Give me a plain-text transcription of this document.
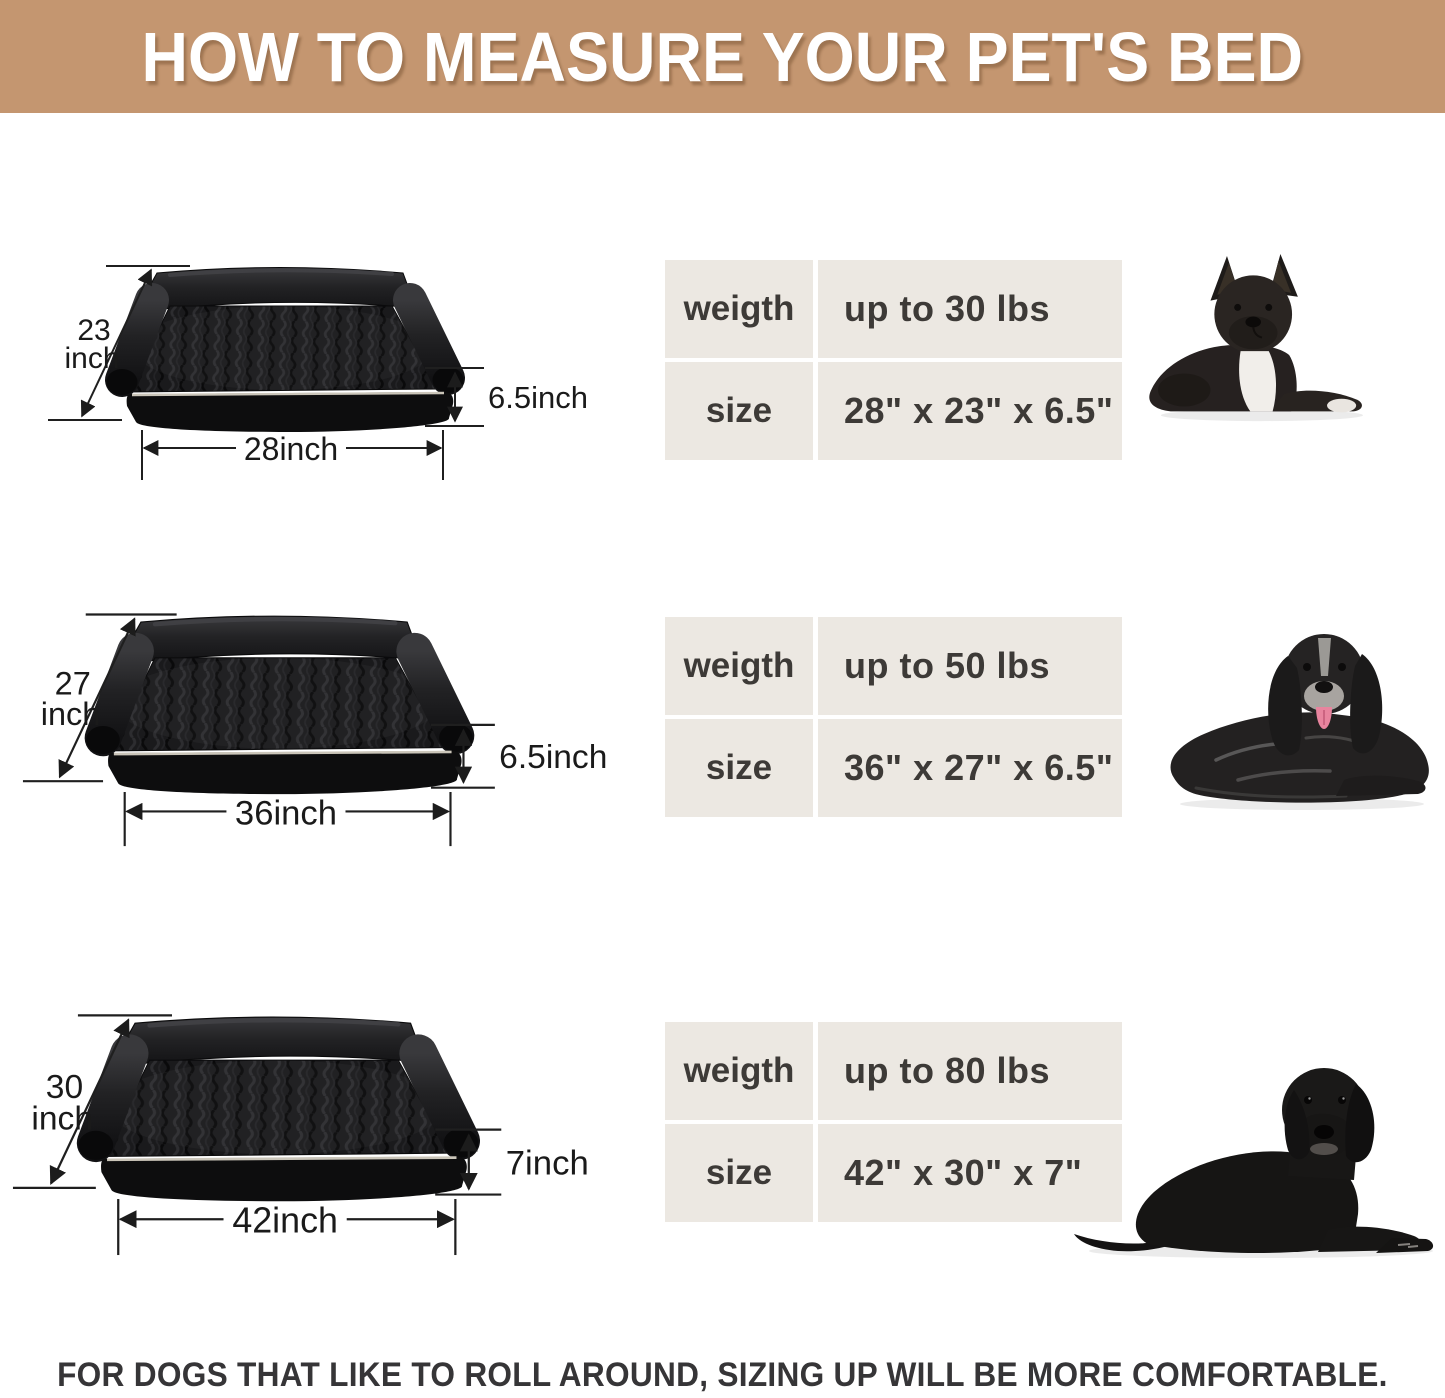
HOW TO MEASURE YOUR PET'S BED
23
inch
6.5inch
28inch
weigth	up to 30 lbs
size	28" x 23" x 6.5"
27
inch
6.5inch
36inch
weigth	up to 50 lbs
size	36" x 27" x 6.5"
30
inch
7inch
42inch
weigth	up to 80 lbs
size	42" x 30" x 7"
FOR DOGS THAT LIKE TO ROLL AROUND, SIZING UP WILL BE MORE COMFORTABLE.
